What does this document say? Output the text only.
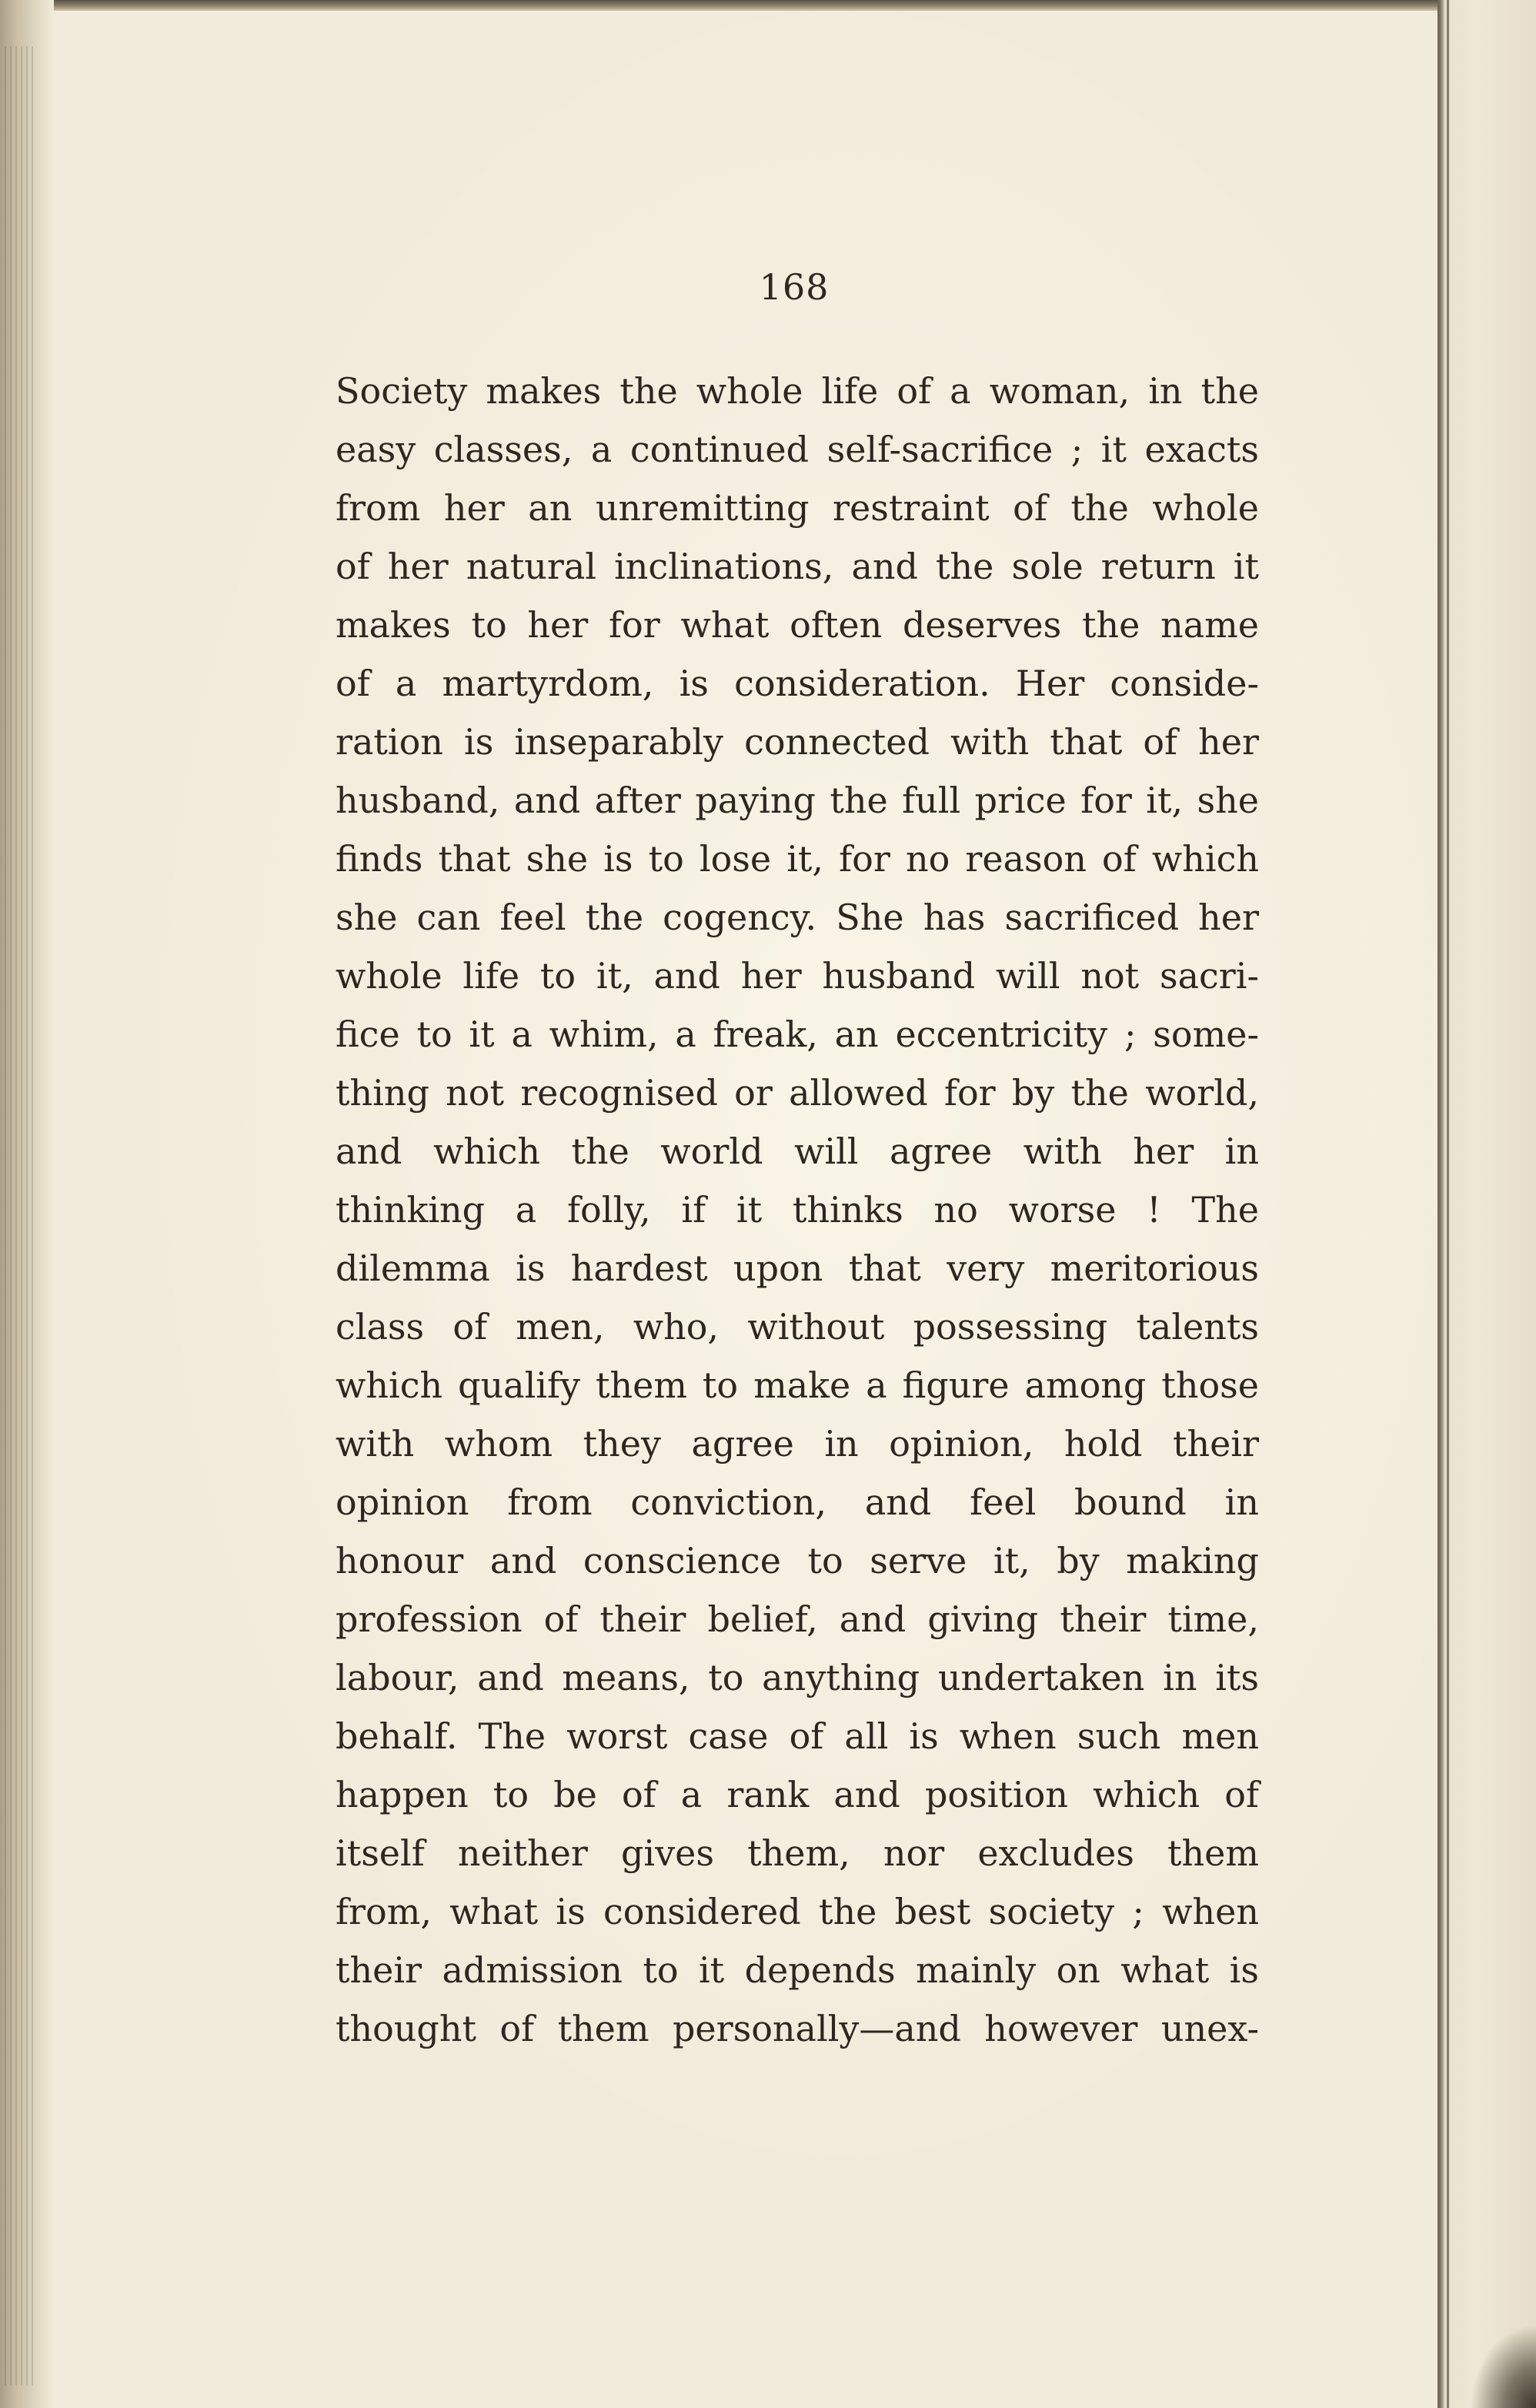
168
Society makes the whole life of a woman, in the
easy classes, a continued self-sacrifice ; it exacts
from her an unremitting restraint of the whole
of her natural inclinations, and the sole return it
makes to her for what often deserves the name
of a martyrdom, is consideration. Her conside-
ration is inseparably connected with that of her
husband, and after paying the full price for it, she
finds that she is to lose it, for no reason of which
she can feel the cogency. She has sacrificed her
whole life to it, and her husband will not sacri-
fice to it a whim, a freak, an eccentricity ; some-
thing not recognised or allowed for by the world,
and which the world will agree with her in
thinking a folly, if it thinks no worse ! The
dilemma is hardest upon that very meritorious
class of men, who, without possessing talents
which qualify them to make a figure among those
with whom they agree in opinion, hold their
opinion from conviction, and feel bound in
honour and conscience to serve it, by making
profession of their belief, and giving their time,
labour, and means, to anything undertaken in its
behalf. The worst case of all is when such men
happen to be of a rank and position which of
itself neither gives them, nor excludes them
from, what is considered the best society ; when
their admission to it depends mainly on what is
thought of them personally—and however unex-
